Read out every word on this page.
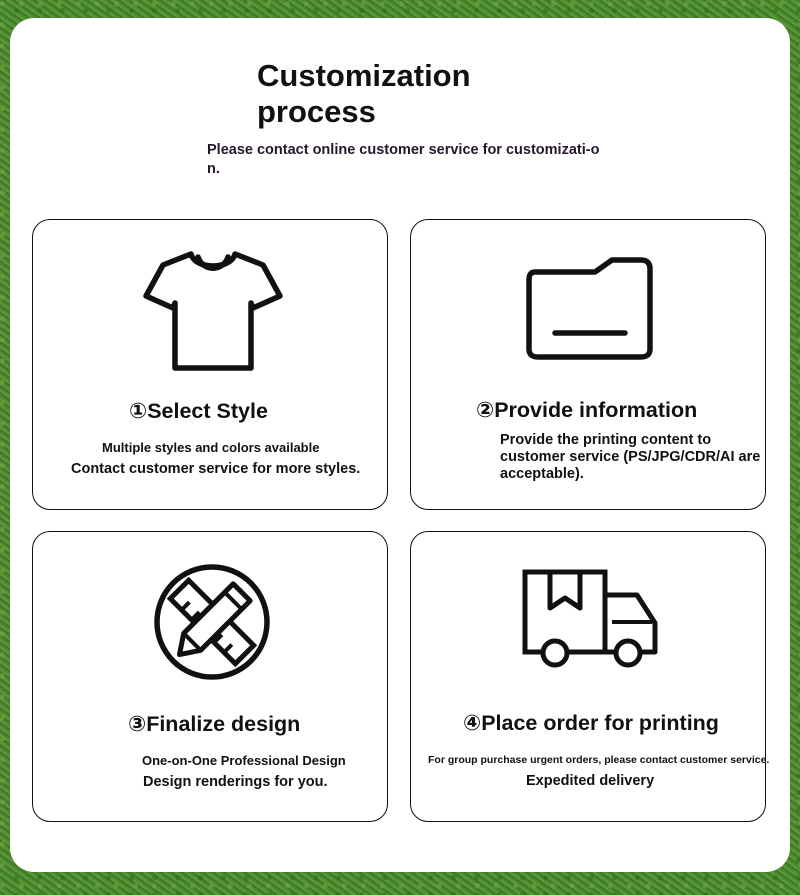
Customization process
Please contact online customer service for customizati-on.
①Select Style
Multiple styles and colors available
Contact customer service for more styles.
②Provide information
Provide the printing content to customer service (PS/JPG/CDR/AI are acceptable).
③Finalize design
One-on-One Professional Design
Design renderings for you.
④Place order for printing
For group purchase urgent orders, please contact customer service.
Expedited delivery
